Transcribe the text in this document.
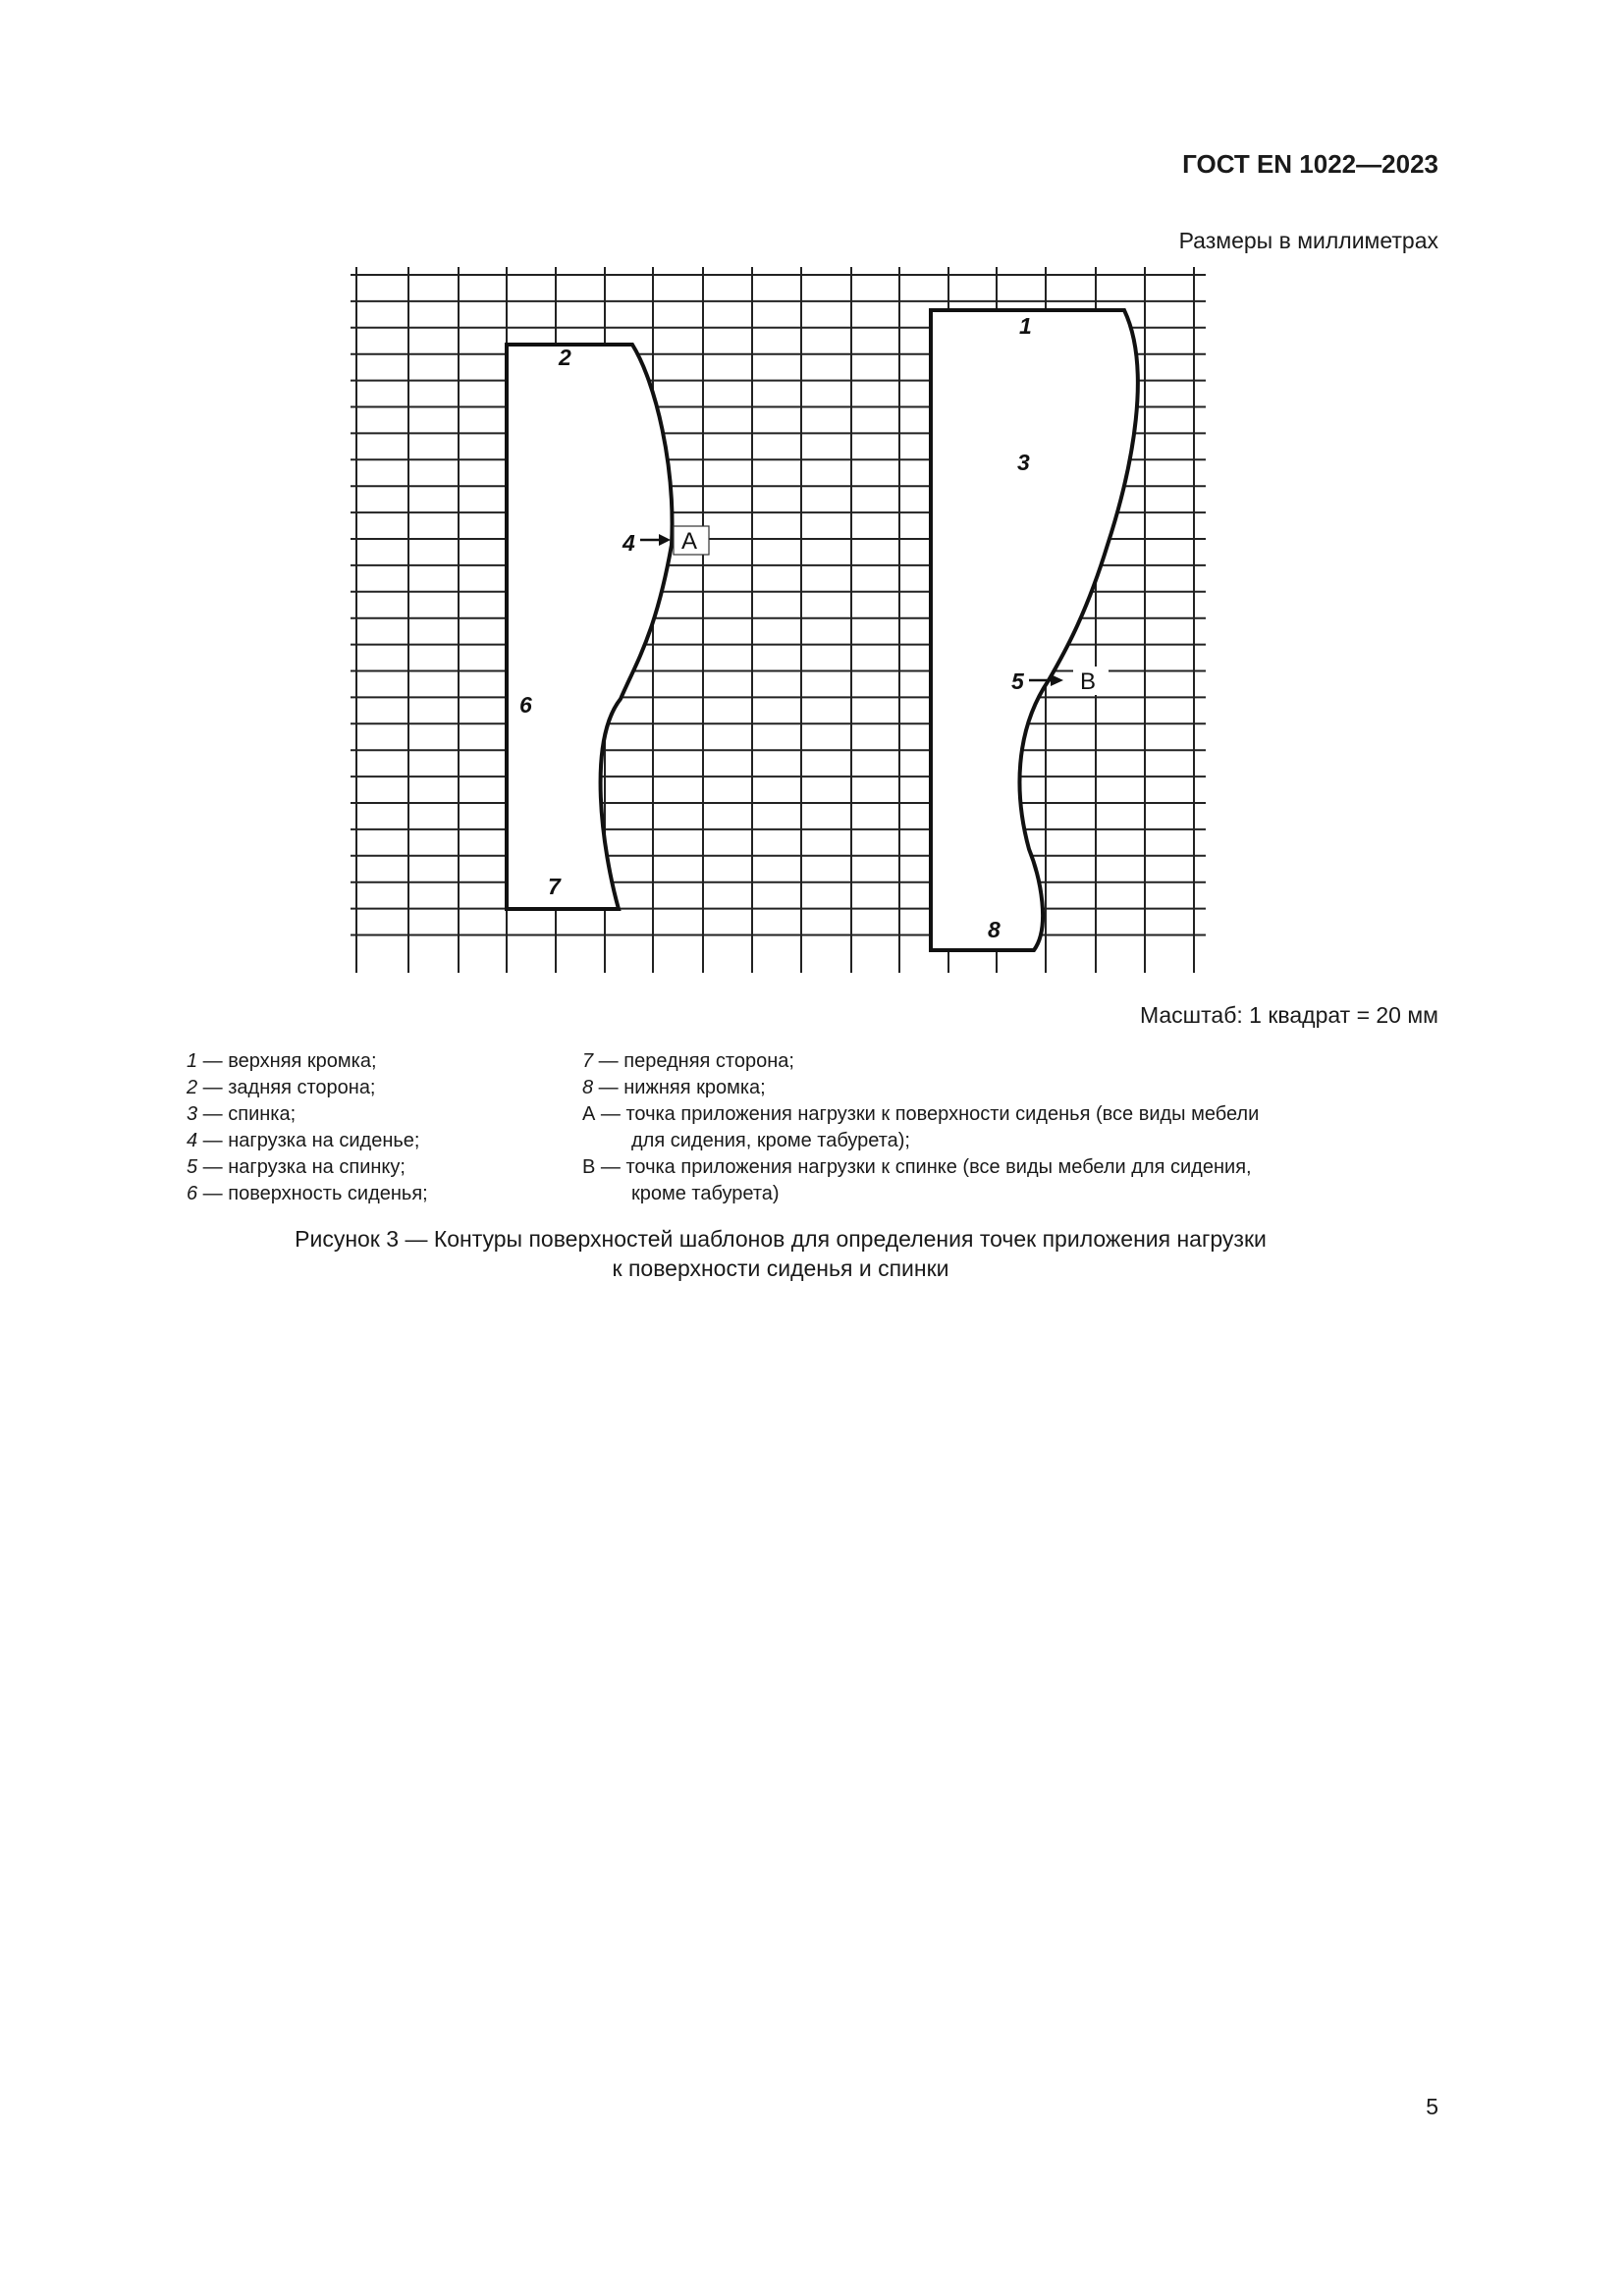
ГОСТ EN 1022—2023
Размеры в миллиметрах
2
6
7
1
3
8
4 А
5 В
Масштаб: 1 квадрат = 20 мм
1 — верхняя кромка;
2 — задняя сторона;
3 — спинка;
4 — нагрузка на сиденье;
5 — нагрузка на спинку;
6 — поверхность сиденья;
7 — передняя сторона;
8 — нижняя кромка;
А — точка приложения нагрузки к поверхности сиденья (все виды мебели
для сидения, кроме табурета);
В — точка приложения нагрузки к спинке (все виды мебели для сидения,
кроме табурета)
Рисунок 3 — Контуры поверхностей шаблонов для определения точек приложения нагрузки
к поверхности сиденья и спинки
5
